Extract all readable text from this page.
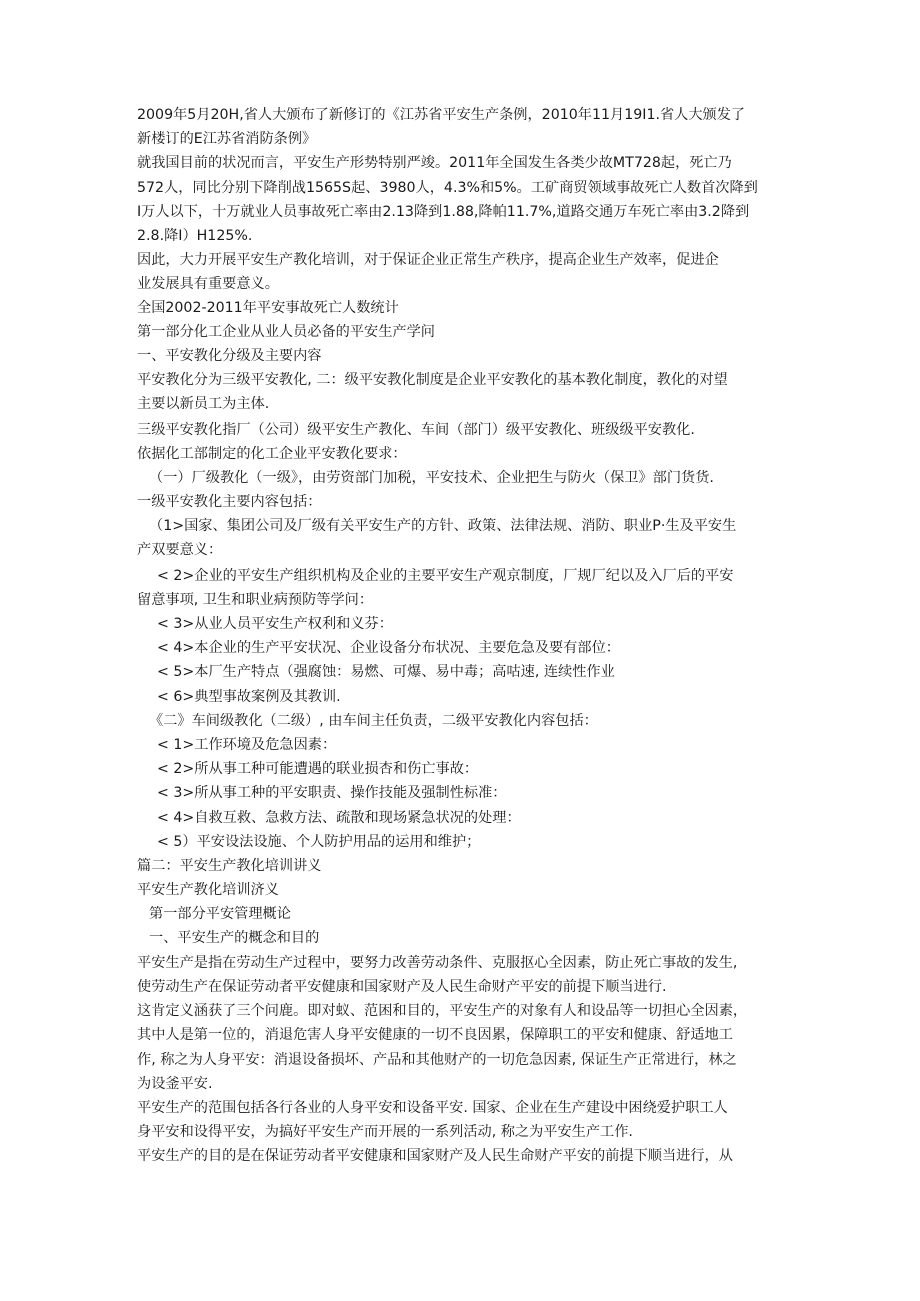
2009年5月20H,省人大颁布了新修订的《江苏省平安生产条例，2010年11月19I1.省人大颁发了
新楼订的E江苏省消防条例》
就我国目前的状况而言，平安生产形势特别严竣。2011年全国发生各类少故MT728起，死亡乃
572人，同比分别下降削战1565S起、3980人，4.3%和5%。工矿商贸领域事故死亡人数首次降到
I万人以下，十万就业人员事故死亡率由2.13降到1.88,降帕11.7%,道路交通万车死亡率由3.2降到
2.8.降I）H125%.
因此，大力开展平安生产教化培训，对于保证企业正常生产秩序，提高企业生产效率，促进企
业发展具有重要意义。
全国2002-2011年平安事故死亡人数统计
第一部分化工企业从业人员必备的平安生产学问
一、平安教化分级及主要内容
平安教化分为三级平安教化, 二：级平安教化制度是企业平安教化的基本教化制度，教化的对望
主要以新员工为主体.
三级平安教化指厂（公司）级平安生产教化、车间（部门）级平安教化、班级级平安教化.
依据化工部制定的化工企业平安教化要求：
（一）厂级教化（一级》，由劳资部门加税，平安技术、企业把生与防火（保卫》部门货货.
一级平安教化主要内容包括：
（1>国家、集团公司及厂级有关平安生产的方针、政策、法律法规、消防、职业P·生及平安生
产双要意义：
< 2>企业的平安生产组织机构及企业的主要平安生产观京制度，厂规厂纪以及入厂后的平安
留意事项, 卫生和职业病预防等学问：
< 3>从业人员平安生产权利和义芬：
< 4>本企业的生产平安状况、企业设备分布状况、主要危急及要有部位：
< 5>本厂生产特点（强腐蚀：易燃、可爆、易中毒；高咕速, 连续性作业
< 6>典型事故案例及其教训.
《二》车间级教化（二级）, 由车间主任负责，二级平安教化内容包括：
< 1>工作环境及危急因素：
< 2>所从事工种可能遭遇的联业损杏和伤亡事故：
< 3>所从事工种的平安职责、操作技能及强制性标准：
< 4>自救互救、急救方法、疏散和现场紧急状况的处理：
< 5）平安设法设施、个人防护用品的运用和维护；
篇二：平安生产教化培训讲义
平安生产教化培训济义
第一部分平安管理概论
一、平安生产的概念和目的
平安生产是指在劳动生产过程中，要努力改善劳动条件、克服抠心全因素，防止死亡事故的发生,
使劳动生产在保证劳动者平安健康和国家财产及人民生命财产平安的前提下顺当进行.
这肯定义涵获了三个问鹿。即对蚁、范困和目的，平安生产的对象有人和设品等一切担心全因素，
其中人是第一位的，消退危害人身平安健康的一切不良因累，保障职工的平安和健康、舒适地工
作, 称之为人身平安：消退设备损坏、产品和其他财产的一切危急因素, 保证生产正常进行，林之
为设釜平安.
平安生产的范围包括各行各业的人身平安和设备平安. 国家、企业在生产建设中困绕爱护职工人
身平安和设得平安，为搞好平安生产而开展的一系列活动, 称之为平安生产工作.
平安生产的目的是在保证劳动者平安健康和国家财产及人民生命财产平安的前提下顺当进行，从
